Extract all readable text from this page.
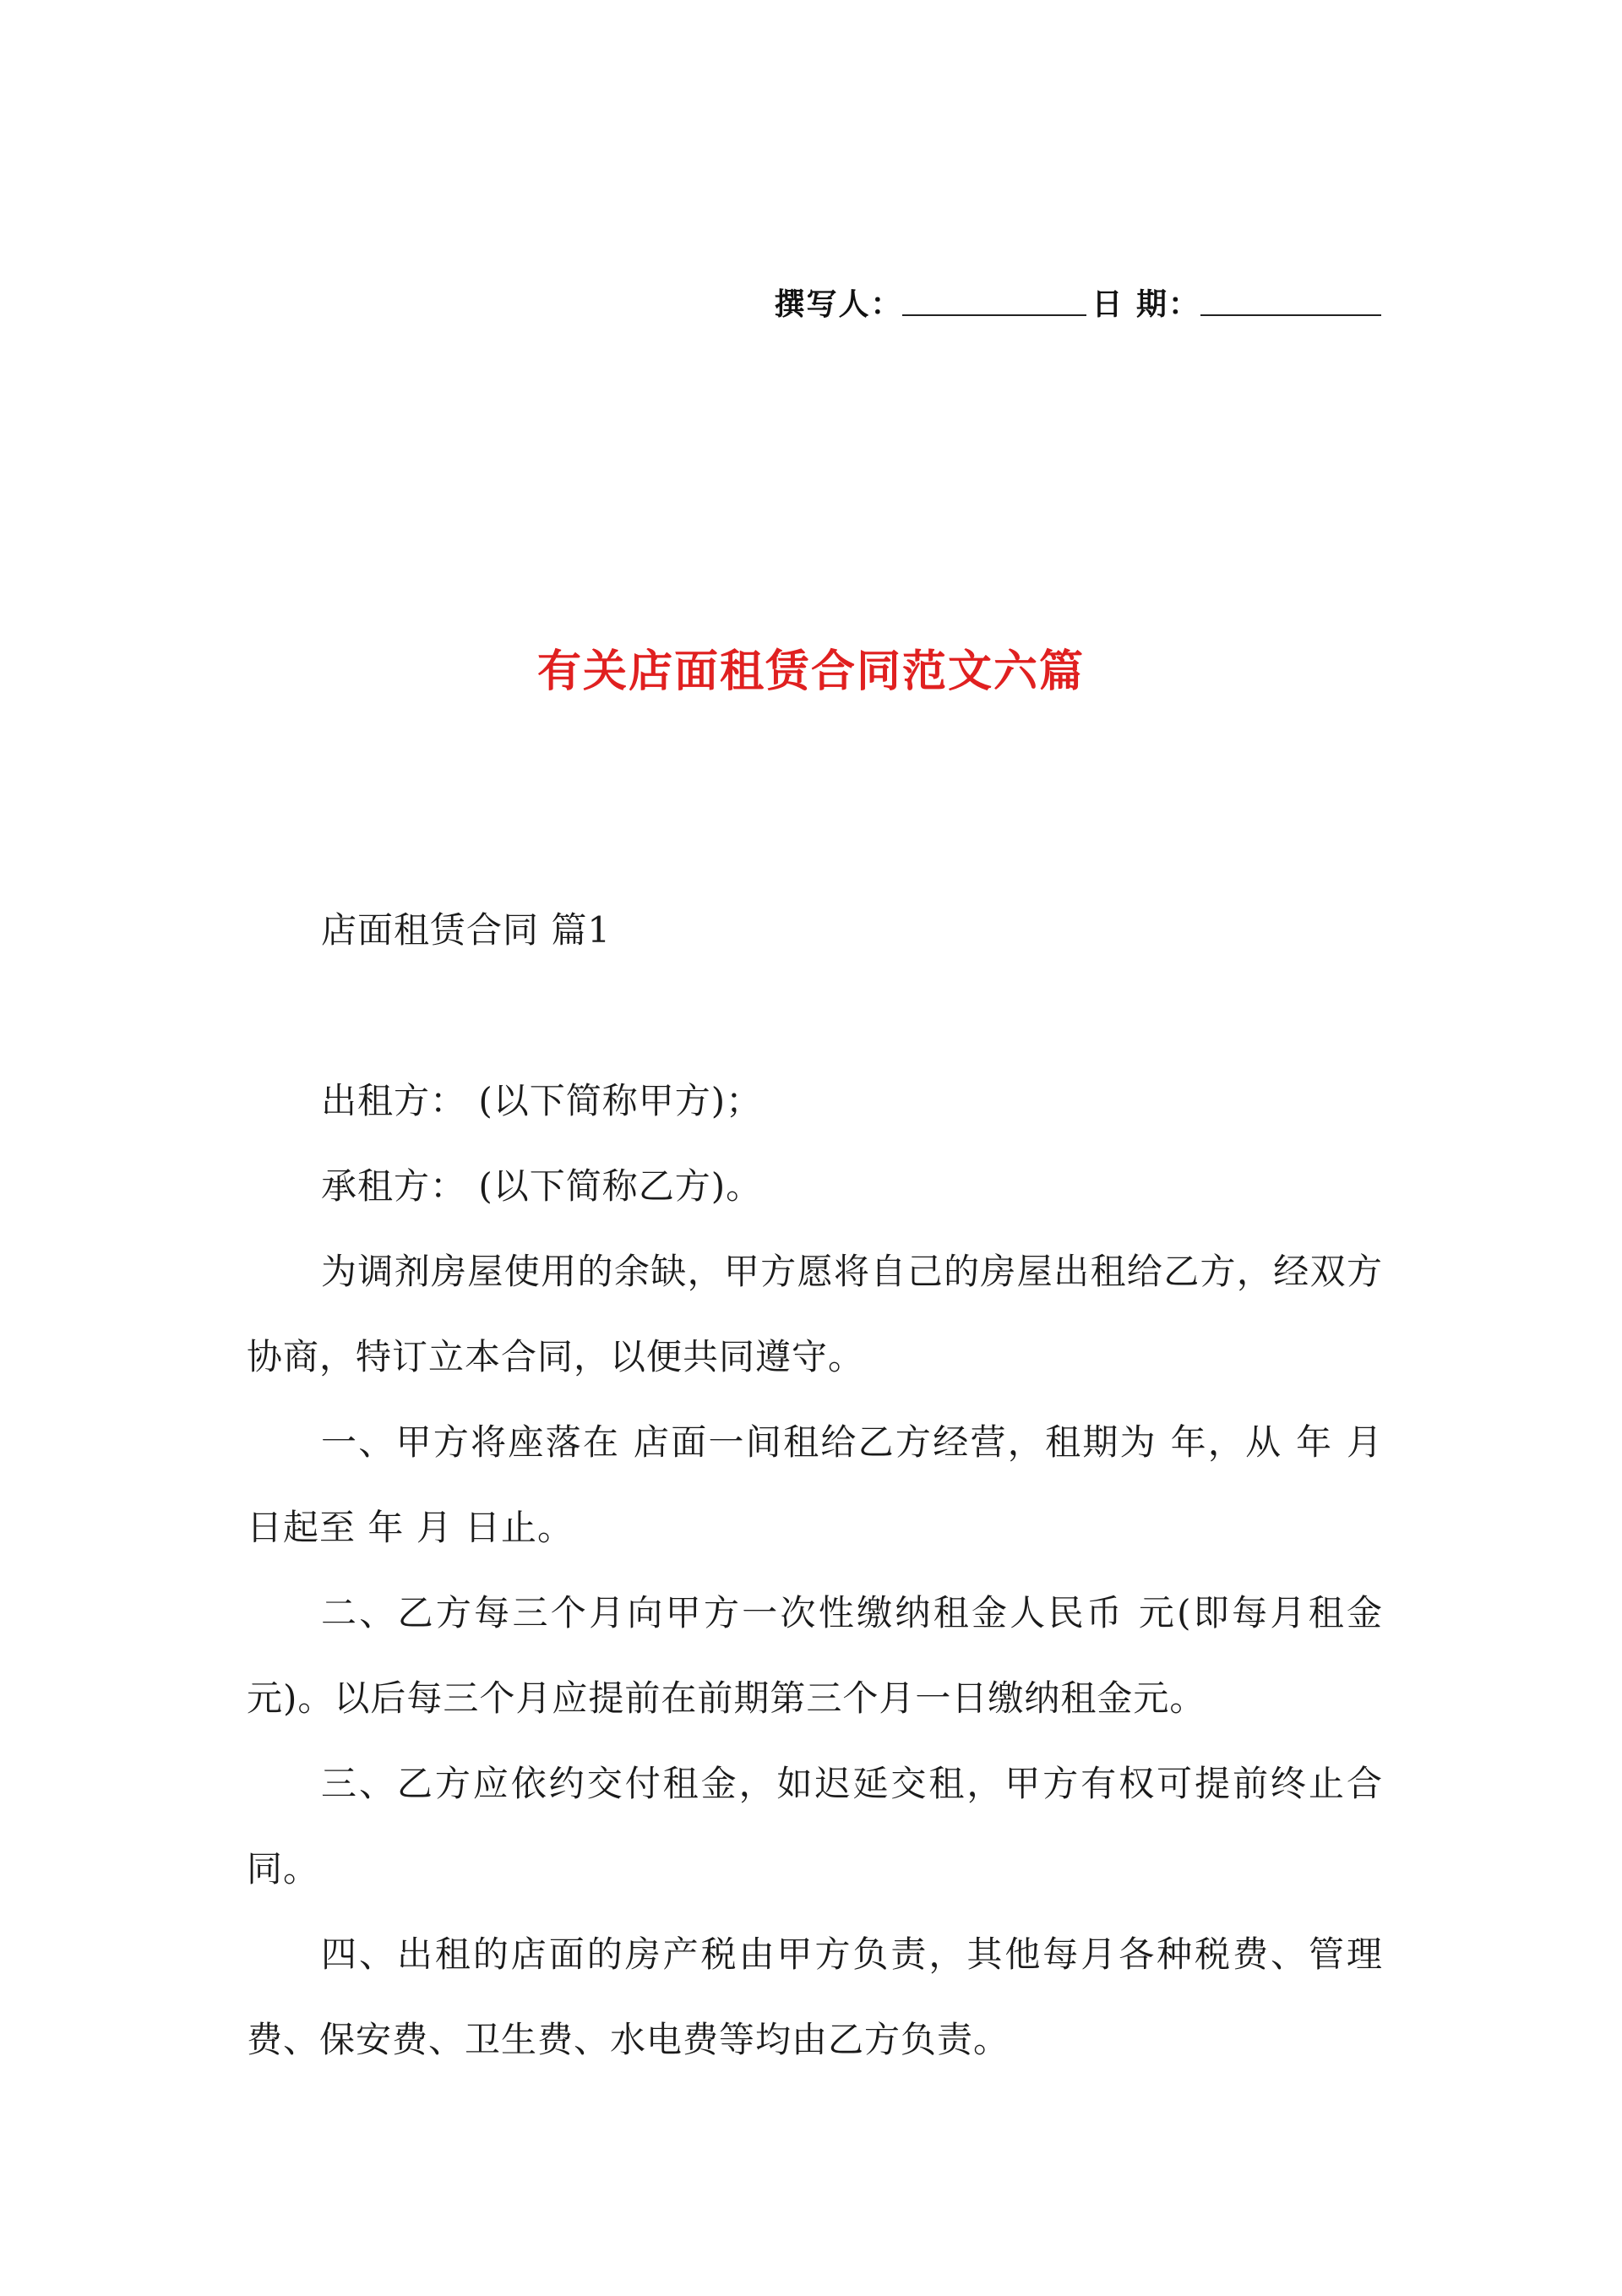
撰写人：	日 期：
有关店面租赁合同范文六篇

店面租赁合同 篇1

出租方： (以下简称甲方)；

承租方： (以下简称乙方)。

为调剂房屋使用的余缺，甲方愿将自己的房屋出租给乙方，经双方协商，特订立本合同，以便共同遵守。

一、甲方将座落在 店面一间租给乙方经营，租期为 年，从 年 月 日起至 年 月 日止。

二、乙方每三个月向甲方一次性缴纳租金人民币 元(即每月租金 元)。以后每三个月应提前在前期第三个月一日缴纳租金元。

三、乙方应依约交付租金，如迟延交租，甲方有权可提前终止合同。

四、出租的店面的房产税由甲方负责，其他每月各种税费、管理费、保安费、卫生费、水电费等均由乙方负责。
